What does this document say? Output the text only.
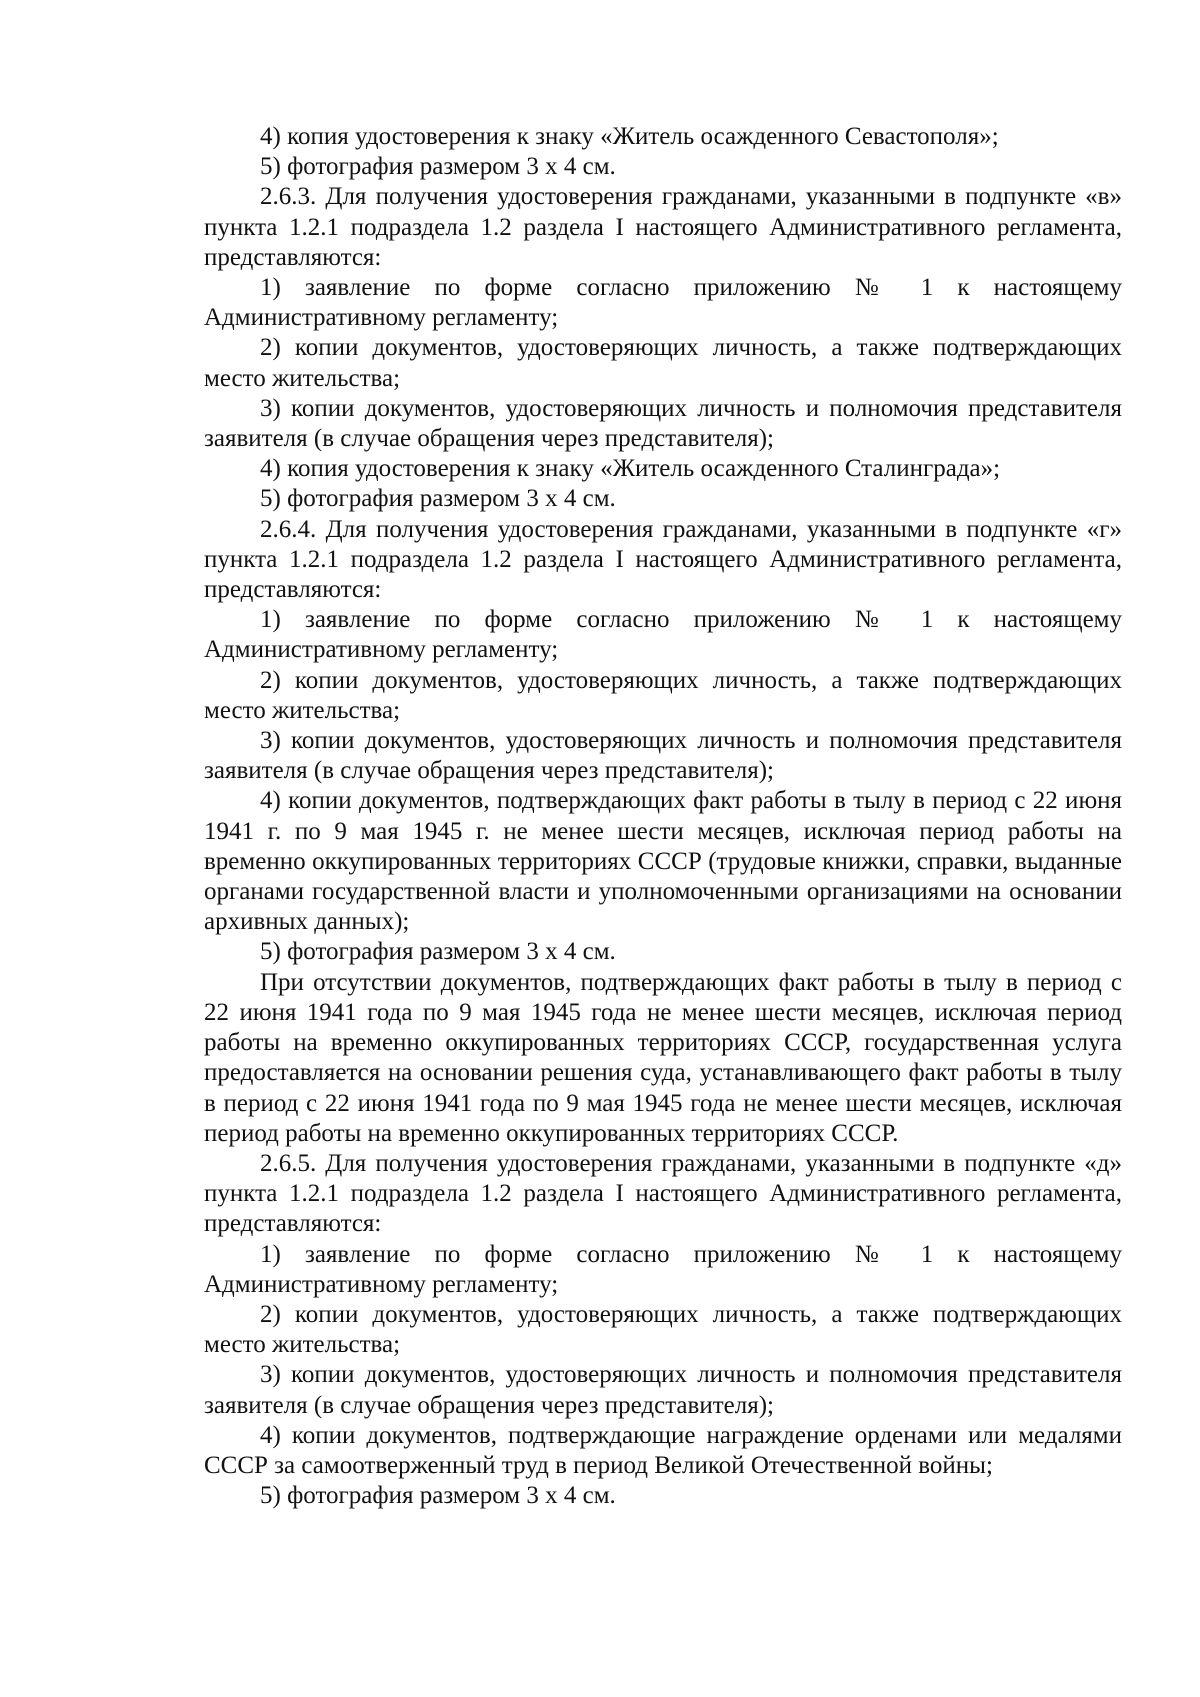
4) копия удостоверения к знаку «Житель осажденного Севастополя»;

5) фотография размером 3 х 4 см.

2.6.3. Для получения удостоверения гражданами, указанными в подпункте «в» пункта 1.2.1 подраздела 1.2 раздела I настоящего Административного регламента, представляются:

1) заявление по форме согласно приложению № 1 к настоящему Административному регламенту;

2) копии документов, удостоверяющих личность, а также подтверждающих место жительства;

3) копии документов, удостоверяющих личность и полномочия представителя заявителя (в случае обращения через представителя);

4) копия удостоверения к знаку «Житель осажденного Сталинграда»;

5) фотография размером 3 х 4 см.

2.6.4. Для получения удостоверения гражданами, указанными в подпункте «г» пункта 1.2.1 подраздела 1.2 раздела I настоящего Административного регламента, представляются:

1) заявление по форме согласно приложению № 1 к настоящему Административному регламенту;

2) копии документов, удостоверяющих личность, а также подтверждающих место жительства;

3) копии документов, удостоверяющих личность и полномочия представителя заявителя (в случае обращения через представителя);

4) копии документов, подтверждающих факт работы в тылу в период с 22 июня 1941 г. по 9 мая 1945 г. не менее шести месяцев, исключая период работы на временно оккупированных территориях СССР (трудовые книжки, справки, выданные органами государственной власти и уполномоченными организациями на основании архивных данных);

5) фотография размером 3 х 4 см.

При отсутствии документов, подтверждающих факт работы в тылу в период с 22 июня 1941 года по 9 мая 1945 года не менее шести месяцев, исключая период работы на временно оккупированных территориях СССР, государственная услуга предоставляется на основании решения суда, устанавливающего факт работы в тылу в период с 22 июня 1941 года по 9 мая 1945 года не менее шести месяцев, исключая период работы на временно оккупированных территориях СССР.

2.6.5. Для получения удостоверения гражданами, указанными в подпункте «д» пункта 1.2.1 подраздела 1.2 раздела I настоящего Административного регламента, представляются:

1) заявление по форме согласно приложению № 1 к настоящему Административному регламенту;

2) копии документов, удостоверяющих личность, а также подтверждающих место жительства;

3) копии документов, удостоверяющих личность и полномочия представителя заявителя (в случае обращения через представителя);

4) копии документов, подтверждающие награждение орденами или медалями СССР за самоотверженный труд в период Великой Отечественной войны;

5) фотография размером 3 х 4 см.
